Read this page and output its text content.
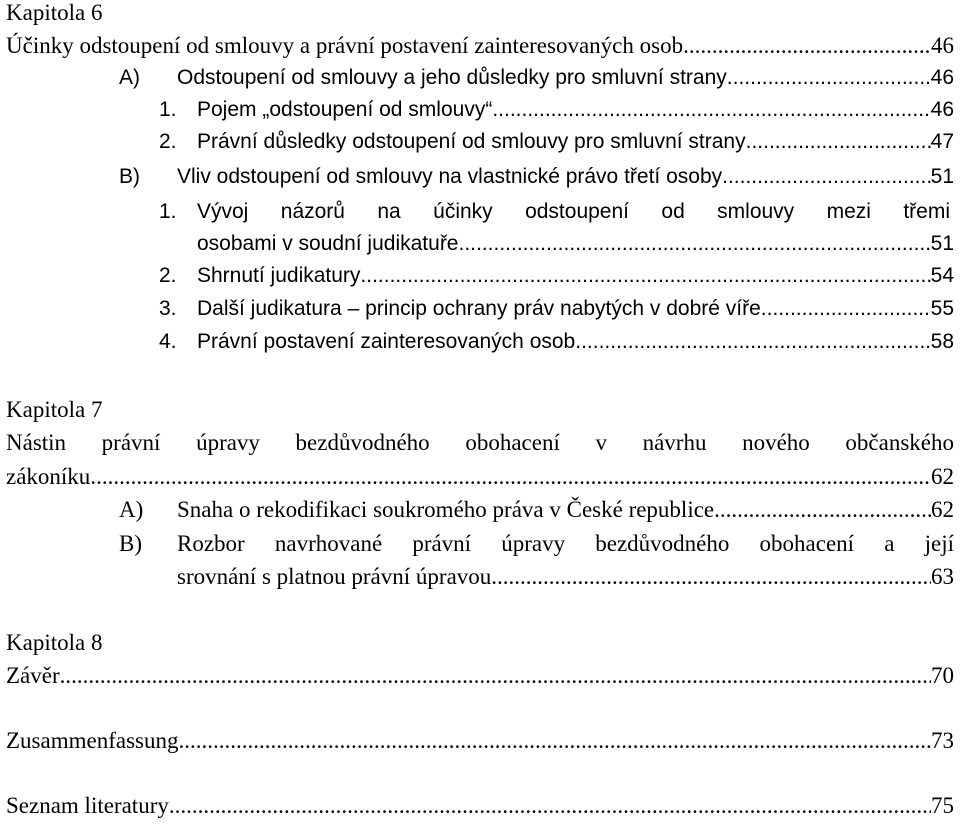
Kapitola 6
Účinky odstoupení od smlouvy a právní postavení zainteresovaných osob .....	46
A)	Odstoupení od smlouvy a jeho důsledky pro smluvní strany .....	46
1. Pojem „odstoupení od smlouvy“ .....	46
2. Právní důsledky odstoupení od smlouvy pro smluvní strany .....	47
B)	Vliv odstoupení od smlouvy na vlastnické právo třetí osoby .....	51
1. Vývoj názorů na účinky odstoupení od smlouvy mezi třemi
osobami v soudní judikatuře .....	51
2. Shrnutí judikatury .....	54
3. Další judikatura – princip ochrany práv nabytých v dobré víře .....	55
4. Právní postavení zainteresovaných osob .....	58
Kapitola 7
Nástin právní úpravy bezdůvodného obohacení v návrhu nového občanského
zákoníku .....	62
A)	Snaha o rekodifikaci soukromého práva v České republice .....	62
B) Rozbor navrhované právní úpravy bezdůvodného obohacení a její
srovnání s platnou právní úpravou .....	63
Kapitola 8
Závěr .....	70
Zusammenfassung .....	73
Seznam literatury .....	75
